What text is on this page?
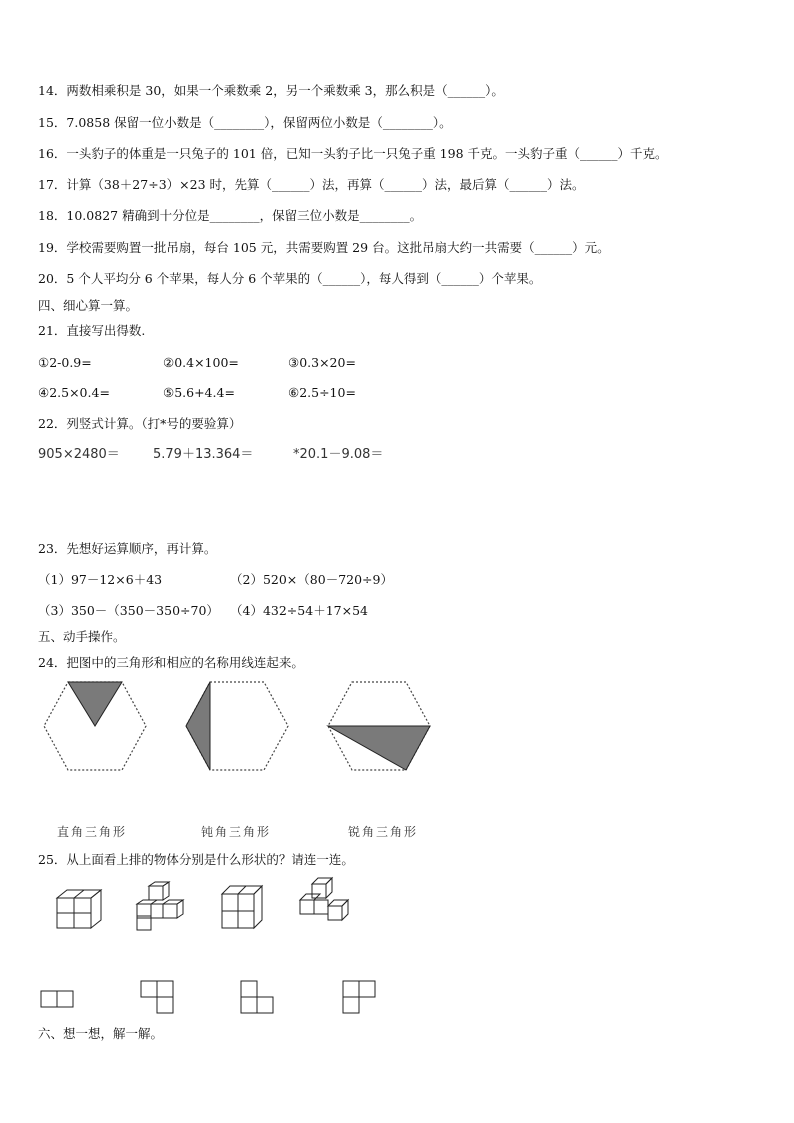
14．两数相乘积是 30，如果一个乘数乘 2，另一个乘数乘 3，那么积是（______）。
15．7.0858 保留一位小数是（________），保留两位小数是（________）。
16．一头豹子的体重是一只兔子的 101 倍，已知一头豹子比一只兔子重 198 千克。一头豹子重（______）千克。
17．计算（38＋27÷3）×23 时，先算（______）法，再算（______）法，最后算（______）法。
18．10.0827 精确到十分位是________，保留三位小数是________。
19．学校需要购置一批吊扇，每台 105 元，共需要购置 29 台。这批吊扇大约一共需要（______）元。
20．5 个人平均分 6 个苹果，每人分 6 个苹果的（______），每人得到（______）个苹果。
四、细心算一算。
21．直接写出得数.
①2-0.9=	②0.4×100=	③0.3×20=
④2.5×0.4=	⑤5.6+4.4=	⑥2.5÷10=
22．列竖式计算。（打*号的要验算）
905×2480＝	5.79＋13.364＝	*20.1－9.08＝
23．先想好运算顺序，再计算。
（1）97－12×6＋43	（2）520×（80－720÷9）
（3）350－（350－350÷70） （4）432÷54＋17×54
五、动手操作。
24．把图中的三角形和相应的名称用线连起来。
直角三角形	钝角三角形	锐角三角形
25．从上面看上排的物体分别是什么形状的？请连一连。
六、想一想，解一解。
